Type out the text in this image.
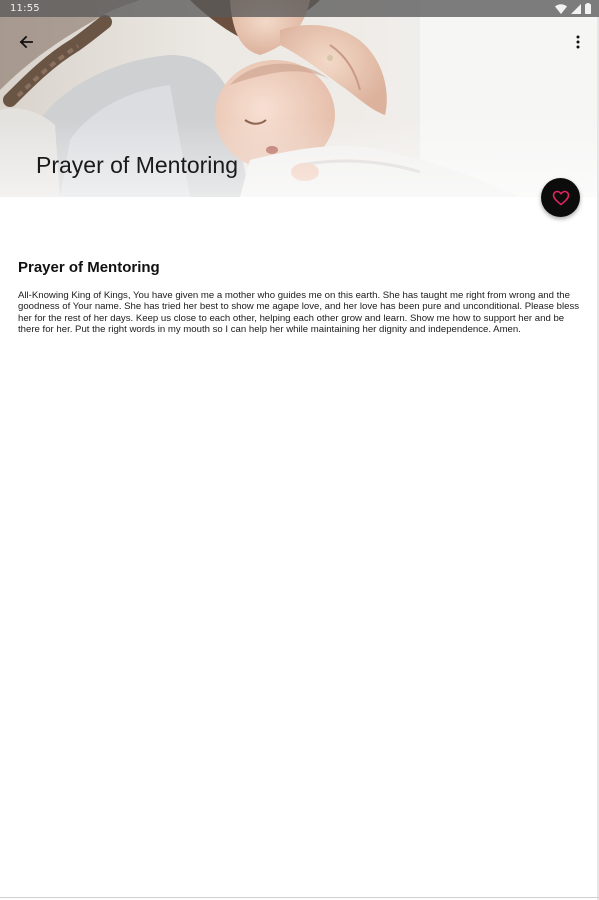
Prayer of Mentoring
11:55
Prayer of Mentoring

All-Knowing King of Kings, You have given me a mother who guides me on this earth. She has taught me right from wrong and the goodness of Your name. She has tried her best to show me agape love, and her love has been pure and unconditional. Please bless her for the rest of her days. Keep us close to each other, helping each other grow and learn. Show me how to support her and be there for her. Put the right words in my mouth so I can help her while maintaining her dignity and independence. Amen.
